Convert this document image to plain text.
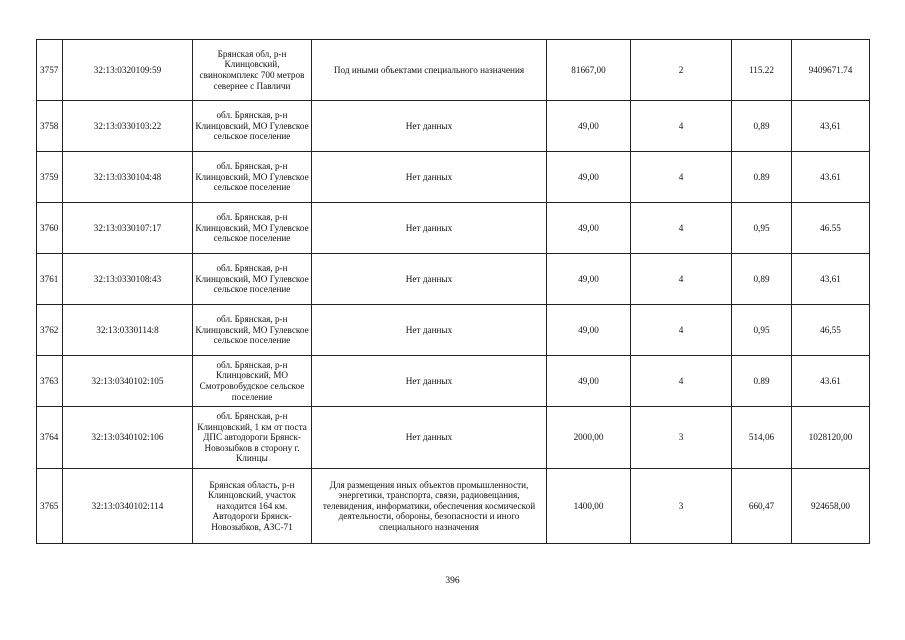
3757	32:13:0320109:59	Брянская обл, р-н Клинцовский, свинокомплекс 700 метров севернее с Павличи	Под иными объектами специального назначения	81667,00	2	115.22	9409671.74
3758	32:13:0330103:22	обл. Брянская, р-н Клинцовский, МО Гулевское сельское поселение	Нет данных	49,00	4	0,89	43,61
3759	32:13:0330104:48	обл. Брянская, р-н Клинцовский, МО Гулевское сельское поселение	Нет данных	49,00	4	0.89	43.61
3760	32:13:0330107:17	обл. Брянская, р-н Клинцовский, МО Гулевское сельское поселение	Нет данных	49,00	4	0,95	46.55
3761	32:13:0330108:43	обл. Брянская, р-н Клинцовский, МО Гулевское сельское поселение	Нет данных	49,00	4	0,89	43,61
3762	32:13:0330114:8	обл. Брянская, р-н Клинцовский, МО Гулевское сельское поселение	Нет данных	49,00	4	0,95	46,55
3763	32:13:0340102:105	обл. Брянская, р-н Клинцовский, МО Смотровобудское сельское поселение	Нет данных	49,00	4	0.89	43.61
3764	32:13:0340102:106	обл. Брянская, р-н Клинцовский, 1 км от поста ДПС автодороги Брянск-Новозыбков в сторону г. Клинцы	Нет данных	2000,00	3	514,06	1028120,00
3765	32:13:0340102:114	Брянская область, р-н Клинцовский, участок находится 164 км. Автодороги Брянск-Новозыбков, АЗС-71	Для размещения иных объектов промышленности, энергетики, транспорта, связи, радиовещания, телевидения, информатики, обеспечения космической деятельности, обороны, безопасности и иного специального назначения	1400,00	3	660,47	924658,00
396
